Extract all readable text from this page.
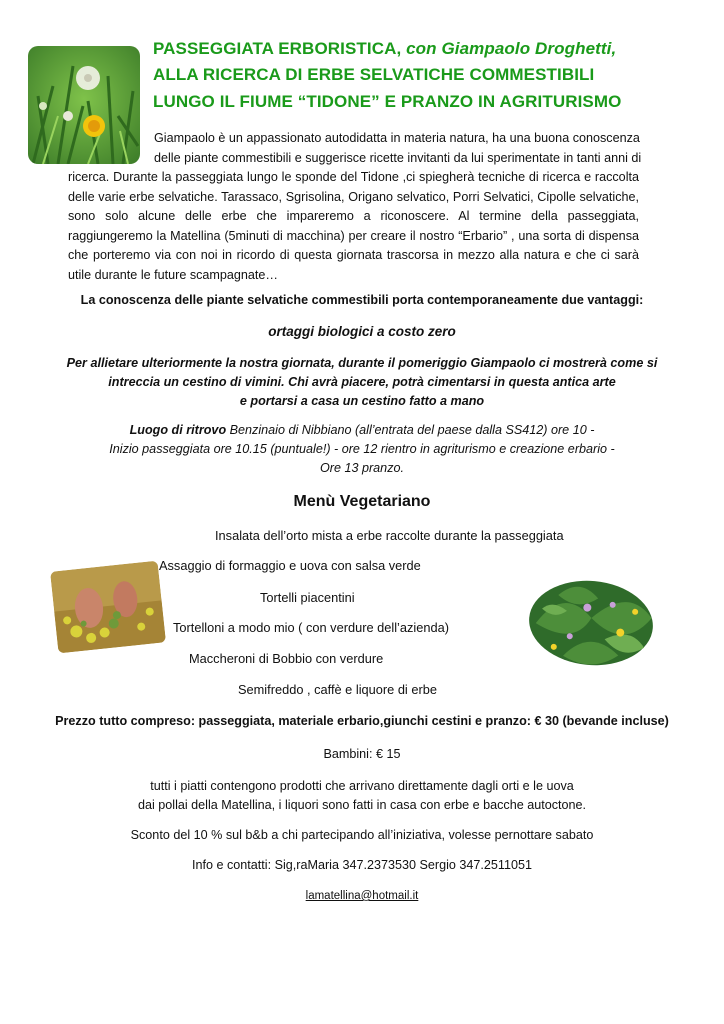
PASSEGGIATA ERBORISTICA, con Giampaolo Droghetti,
ALLA RICERCA DI ERBE SELVATICHE COMMESTIBILI
LUNGO IL FIUME “TIDONE” E PRANZO IN AGRITURISMO
Giampaolo è un appassionato autodidatta in materia natura, ha una buona conoscenza
delle piante commestibili e suggerisce ricette invitanti da lui sperimentate in tanti anni di
ricerca. Durante la passeggiata lungo le sponde del Tidone ,ci spiegherà tecniche di ricerca e raccolta delle varie erbe selvatiche. Tarassaco, Sgrisolina, Origano selvatico, Porri Selvatici, Cipolle selvatiche, sono solo alcune delle erbe che impareremo a riconoscere. Al termine della passeggiata, raggiungeremo la Matellina (5minuti di macchina) per creare il nostro “Erbario” , una sorta di dispensa che porteremo via con noi in ricordo di questa giornata trascorsa in mezzo alla natura e che ci sarà utile durante le future scampagnate…
La conoscenza delle piante selvatiche commestibili porta contemporaneamente due vantaggi:
ortaggi biologici a costo zero
Per allietare ulteriormente la nostra giornata, durante il pomeriggio Giampaolo ci mostrerà come si
intreccia un cestino di vimini. Chi avrà piacere, potrà cimentarsi in questa antica arte
e portarsi a casa un cestino fatto a mano
Luogo di ritrovo Benzinaio di Nibbiano (all’entrata del paese dalla SS412) ore 10 -
Inizio passeggiata ore 10.15 (puntuale!) - ore 12 rientro in agriturismo e creazione erbario -
Ore 13 pranzo.
Menù Vegetariano
Insalata dell’orto mista a erbe raccolte durante la passeggiata
Assaggio di formaggio e uova con salsa verde
Tortelli piacentini
Tortelloni a modo mio ( con verdure dell’azienda)
Maccheroni di Bobbio con verdure
Semifreddo , caffè e liquore di erbe
Prezzo tutto compreso: passeggiata, materiale erbario,giunchi cestini e pranzo: € 30 (bevande incluse)
Bambini: € 15
tutti i piatti contengono prodotti che arrivano direttamente dagli orti e le uova
dai pollai della Matellina, i liquori sono fatti in casa con erbe e bacche autoctone.
Sconto del 10 % sul b&b a chi partecipando all’iniziativa, volesse pernottare sabato
Info e contatti: Sig,raMaria 347.2373530 Sergio 347.2511051
lamatellina@hotmail.it
